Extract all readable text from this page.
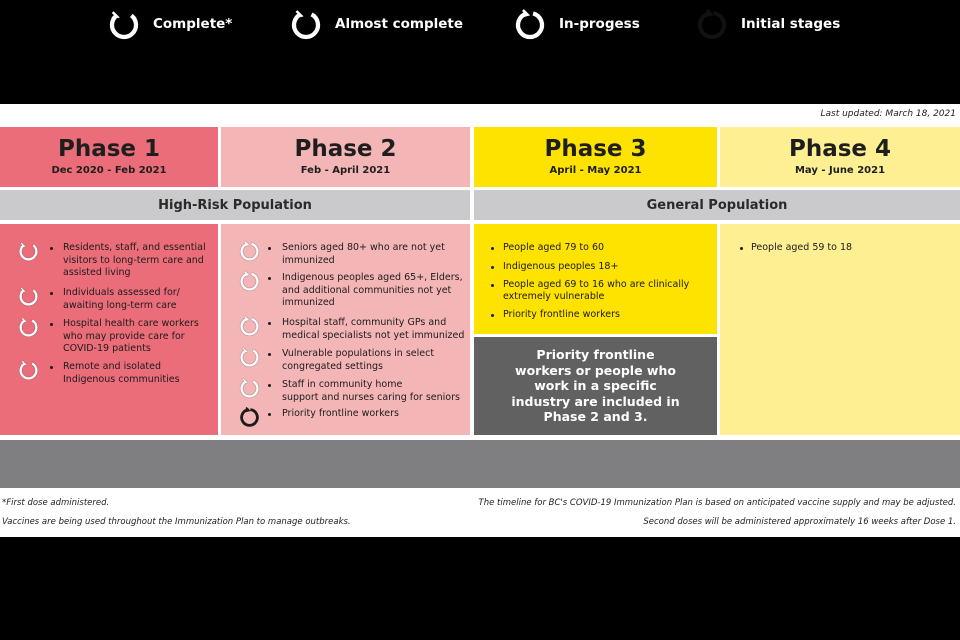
Last updated: March 18, 2021
Phase 1
Dec 2020 - Feb 2021
Phase 2
Feb - April 2021
Phase 3
April - May 2021
Phase 4
May - June 2021
High-Risk Population	General Population
Priority frontline workers or people who work in a specific industry are included in Phase 2 and 3.
*First dose administered.
Vaccines are being used throughout the Immunization Plan to manage outbreaks.
The timeline for BC's COVID-19 Immunization Plan is based on anticipated vaccine supply and may be adjusted.
Second doses will be administered approximately 16 weeks after Dose 1.
Residents, staff, and essential
visitors to long-term care and
assisted living
Individuals assessed for/
awaiting long-term care
Hospital health care workers
who may provide care for
COVID-19 patients
Remote and isolated
Indigenous communities
Seniors aged 80+ who are not yet
immunized
Indigenous peoples aged 65+, Elders,
and additional communities not yet
immunized
Hospital staff, community GPs and
medical specialists not yet immunized
Vulnerable populations in select
congregated settings
Staff in community home
support and nurses caring for seniors
Priority frontline workers
People aged 79 to 60
Indigenous peoples 18+
People aged 69 to 16 who are clinically extremely vulnerable
Priority frontline workers
People aged 59 to 18
Complete*	Almost complete	In-progess	Initial stages
